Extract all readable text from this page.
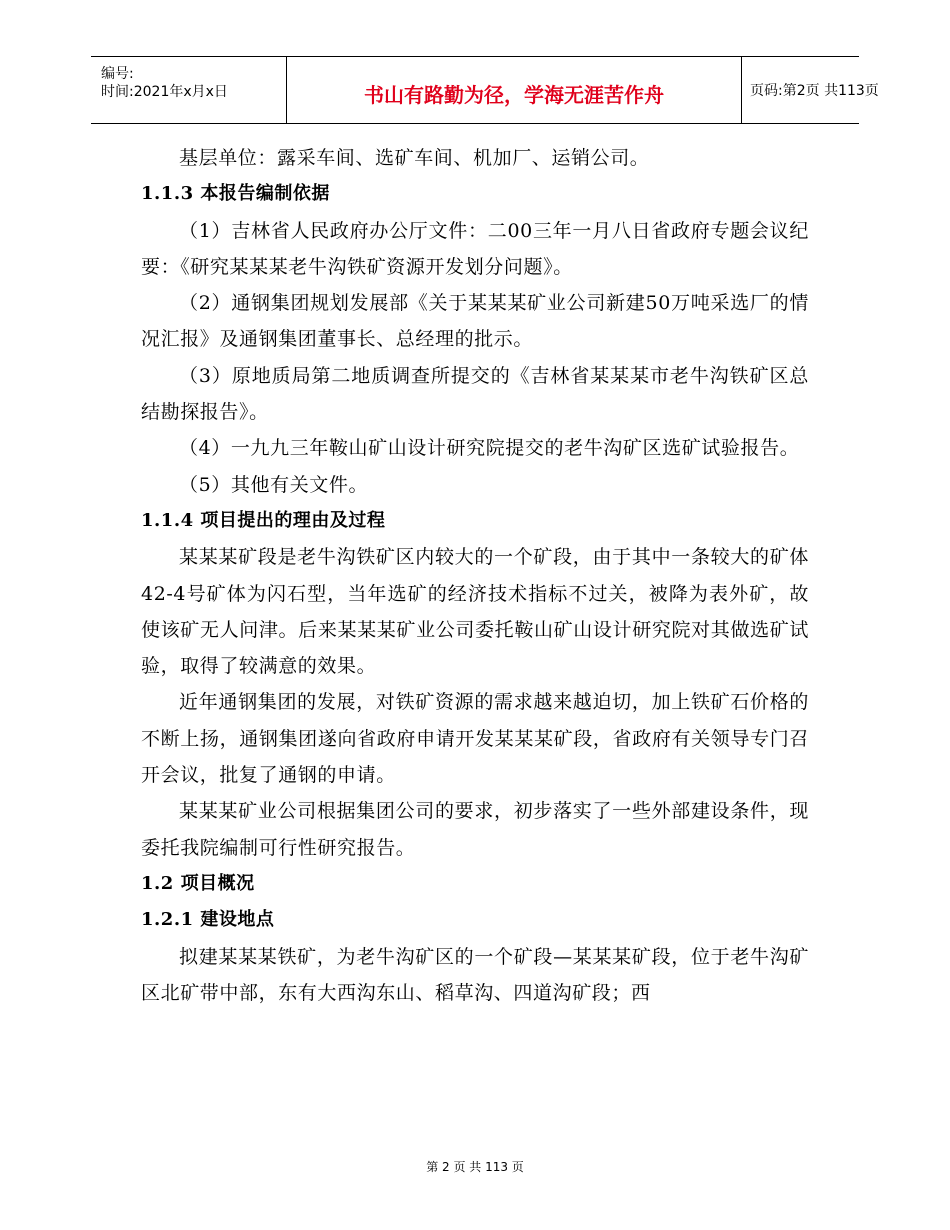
编号:
时间:2021年x月x日	书山有路勤为径，学海无涯苦作舟	页码:第2页 共113页

基层单位：露采车间、选矿车间、机加厂、运销公司。

1.1.3 本报告编制依据

（1）吉林省人民政府办公厅文件：二00三年一月八日省政府专题会议纪要：《研究某某某老牛沟铁矿资源开发划分问题》。

（2）通钢集团规划发展部《关于某某某矿业公司新建50万吨采选厂的情况汇报》及通钢集团董事长、总经理的批示。

（3）原地质局第二地质调查所提交的《吉林省某某某市老牛沟铁矿区总结勘探报告》。

（4）一九九三年鞍山矿山设计研究院提交的老牛沟矿区选矿试验报告。

（5）其他有关文件。

1.1.4 项目提出的理由及过程

某某某矿段是老牛沟铁矿区内较大的一个矿段，由于其中一条较大的矿体42-4号矿体为闪石型，当年选矿的经济技术指标不过关，被降为表外矿，故使该矿无人问津。后来某某某矿业公司委托鞍山矿山设计研究院对其做选矿试验，取得了较满意的效果。

近年通钢集团的发展，对铁矿资源的需求越来越迫切，加上铁矿石价格的不断上扬，通钢集团遂向省政府申请开发某某某矿段，省政府有关领导专门召开会议，批复了通钢的申请。

某某某矿业公司根据集团公司的要求，初步落实了一些外部建设条件，现委托我院编制可行性研究报告。

1.2 项目概况

1.2.1 建设地点

拟建某某某铁矿，为老牛沟矿区的一个矿段—某某某矿段，位于老牛沟矿区北矿带中部，东有大西沟东山、稻草沟、四道沟矿段；西

第 2 页 共 113 页
